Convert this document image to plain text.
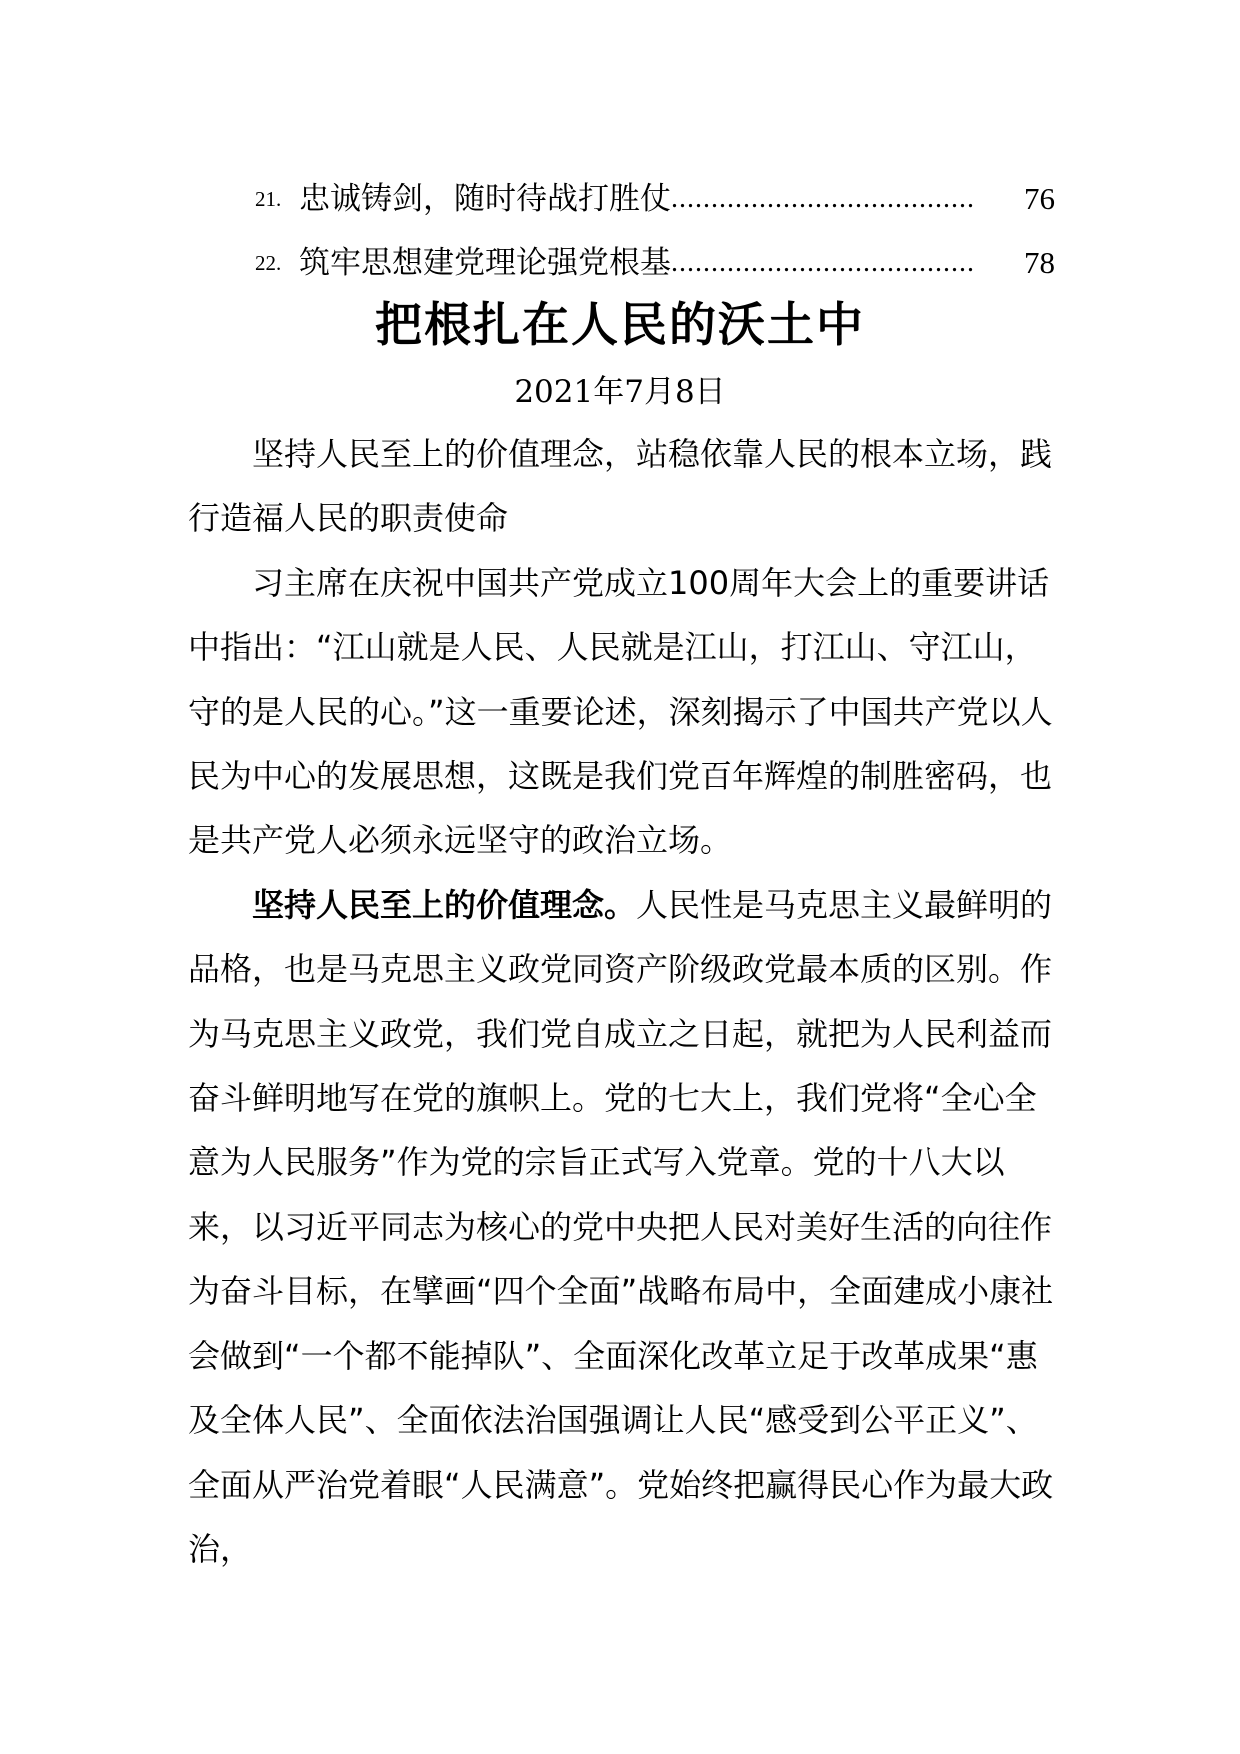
21. 忠诚铸剑，随时待战打胜仗 ......................................	76
22. 筑牢思想建党理论强党根基 ......................................	78
把根扎在人民的沃土中
2021年7月8日

坚持人民至上的价值理念，站稳依靠人民的根本立场，践行造福人民的职责使命

习主席在庆祝中国共产党成立100周年大会上的重要讲话中指出：“江山就是人民、人民就是江山，打江山、守江山，守的是人民的心。”这一重要论述，深刻揭示了中国共产党以人民为中心的发展思想，这既是我们党百年辉煌的制胜密码，也是共产党人必须永远坚守的政治立场。

坚持人民至上的价值理念。人民性是马克思主义最鲜明的品格，也是马克思主义政党同资产阶级政党最本质的区别。作为马克思主义政党，我们党自成立之日起，就把为人民利益而奋斗鲜明地写在党的旗帜上。党的七大上，我们党将“全心全意为人民服务”作为党的宗旨正式写入党章。党的十八大以来，以习近平同志为核心的党中央把人民对美好生活的向往作为奋斗目标，在擘画“四个全面”战略布局中，全面建成小康社会做到“一个都不能掉队”、全面深化改革立足于改革成果“惠及全体人民”、全面依法治国强调让人民“感受到公平正义”、全面从严治党着眼“人民满意”。党始终把赢得民心作为最大政治，
